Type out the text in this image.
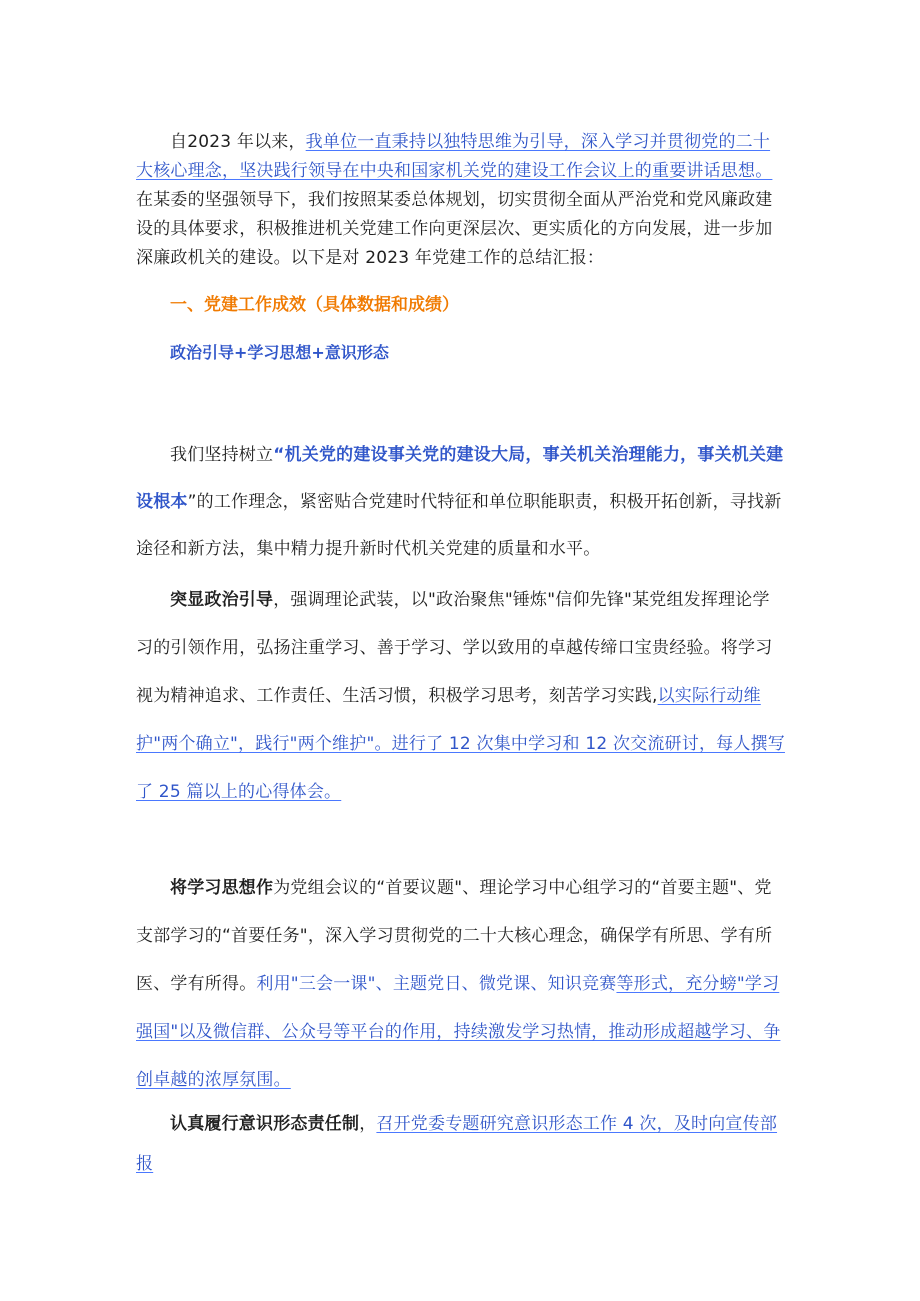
自2023 年以来，我单位一直秉持以独特思维为引导，深入学习并贯彻党的二十大核心理念，坚决践行领导在中央和国家机关党的建设工作会议上的重要讲话思想。在某委的坚强领导下，我们按照某委总体规划，切实贯彻全面从严治党和党风廉政建设的具体要求，积极推进机关党建工作向更深层次、更实质化的方向发展，进一步加深廉政机关的建设。以下是对 2023 年党建工作的总结汇报：

一、党建工作成效（具体数据和成绩）

政治引导+学习思想+意识形态

我们坚持树立“机关党的建设事关党的建设大局，事关机关治理能力，事关机关建设根本”的工作理念，紧密贴合党建时代特征和单位职能职责，积极开拓创新，寻找新途径和新方法，集中精力提升新时代机关党建的质量和水平。

突显政治引导，强调理论武装，以"政治聚焦"锤炼"信仰先锋"某党组发挥理论学习的引领作用，弘扬注重学习、善于学习、学以致用的卓越传缔口宝贵经验。将学习视为精神追求、工作责任、生活习惯，积极学习思考，刻苦学习实践,以实际行动维护"两个确立"，践行"两个维护"。进行了 12 次集中学习和 12 次交流研讨，每人撰写了 25 篇以上的心得体会。

将学习思想作为党组会议的“首要议题"、理论学习中心组学习的“首要主题"、党支部学习的“首要任务"，深入学习贯彻党的二十大核心理念，确保学有所思、学有所医、学有所得。利用"三会一课"、主题党日、微党课、知识竞赛等形式，充分螃"学习强国"以及微信群、公众号等平台的作用，持续激发学习热情，推动形成超越学习、争创卓越的浓厚氛围。

认真履行意识形态责任制，召开党委专题研究意识形态工作 4 次，及时向宣传部报
